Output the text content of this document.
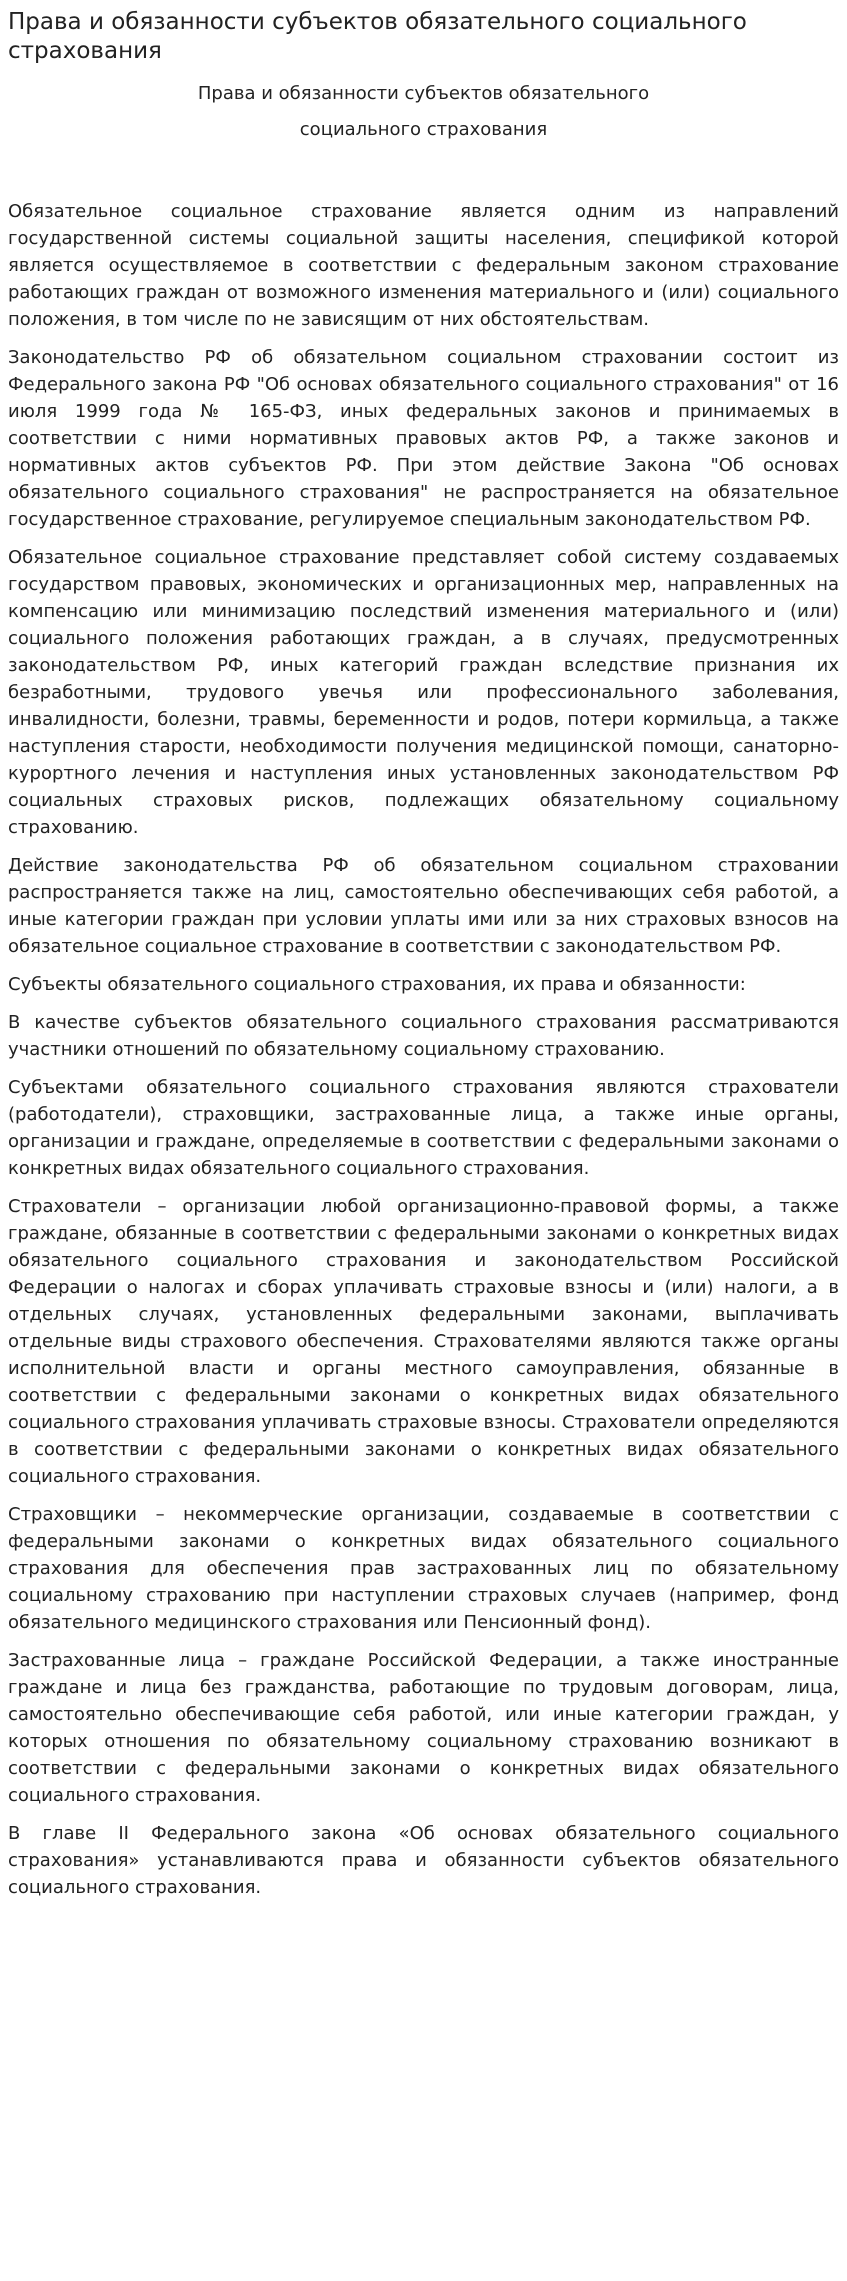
Права и обязанности субъектов обязательного социального страхования
Права и обязанности субъектов обязательного
социального страхования

Обязательное социальное страхование является одним из направлений государственной системы социальной защиты населения, спецификой которой является осуществляемое в соответствии с федеральным законом страхование работающих граждан от возможного изменения материального и (или) социального положения, в том числе по не зависящим от них обстоятельствам.

Законодательство РФ об обязательном социальном страховании состоит из Федерального закона РФ "Об основах обязательного социального страхования" от 16 июля 1999 года № 165-ФЗ, иных федеральных законов и принимаемых в соответствии с ними нормативных правовых актов РФ, а также законов и нормативных актов субъектов РФ. При этом действие Закона "Об основах обязательного социального страхования" не распространяется на обязательное государственное страхование, регулируемое специальным законодательством РФ.

Обязательное социальное страхование представляет собой систему создаваемых государством правовых, экономических и организационных мер, направленных на компенсацию или минимизацию последствий изменения материального и (или) социального положения работающих граждан, а в случаях, предусмотренных законодательством РФ, иных категорий граждан вследствие признания их безработными, трудового увечья или профессионального заболевания, инвалидности, болезни, травмы, беременности и родов, потери кормильца, а также наступления старости, необходимости получения медицинской помощи, санаторно-курортного лечения и наступления иных установленных законодательством РФ социальных страховых рисков, подлежащих обязательному социальному страхованию.

Действие законодательства РФ об обязательном социальном страховании распространяется также на лиц, самостоятельно обеспечивающих себя работой, а иные категории граждан при условии уплаты ими или за них страховых взносов на обязательное социальное страхование в соответствии с законодательством РФ.

Субъекты обязательного социального страхования, их права и обязанности:

В качестве субъектов обязательного социального страхования рассматриваются участники отношений по обязательному социальному страхованию.

Субъектами обязательного социального страхования являются страхователи (работодатели), страховщики, застрахованные лица, а также иные органы, организации и граждане, определяемые в соответствии с федеральными законами о конкретных видах обязательного социального страхования.

Страхователи – организации любой организационно-правовой формы, а также граждане, обязанные в соответствии с федеральными законами о конкретных видах обязательного социального страхования и законодательством Российской Федерации о налогах и сборах уплачивать страховые взносы и (или) налоги, а в отдельных случаях, установленных федеральными законами, выплачивать отдельные виды страхового обеспечения. Страхователями являются также органы исполнительной власти и органы местного самоуправления, обязанные в соответствии с федеральными законами о конкретных видах обязательного социального страхования уплачивать страховые взносы. Страхователи определяются в соответствии с федеральными законами о конкретных видах обязательного социального страхования.

Страховщики – некоммерческие организации, создаваемые в соответствии с федеральными законами о конкретных видах обязательного социального страхования для обеспечения прав застрахованных лиц по обязательному социальному страхованию при наступлении страховых случаев (например, фонд обязательного медицинского страхования или Пенсионный фонд).

Застрахованные лица – граждане Российской Федерации, а также иностранные граждане и лица без гражданства, работающие по трудовым договорам, лица, самостоятельно обеспечивающие себя работой, или иные категории граждан, у которых отношения по обязательному социальному страхованию возникают в соответствии с федеральными законами о конкретных видах обязательного социального страхования.

В главе II Федерального закона «Об основах обязательного социального страхования» устанавливаются права и обязанности субъектов обязательного социального страхования.
